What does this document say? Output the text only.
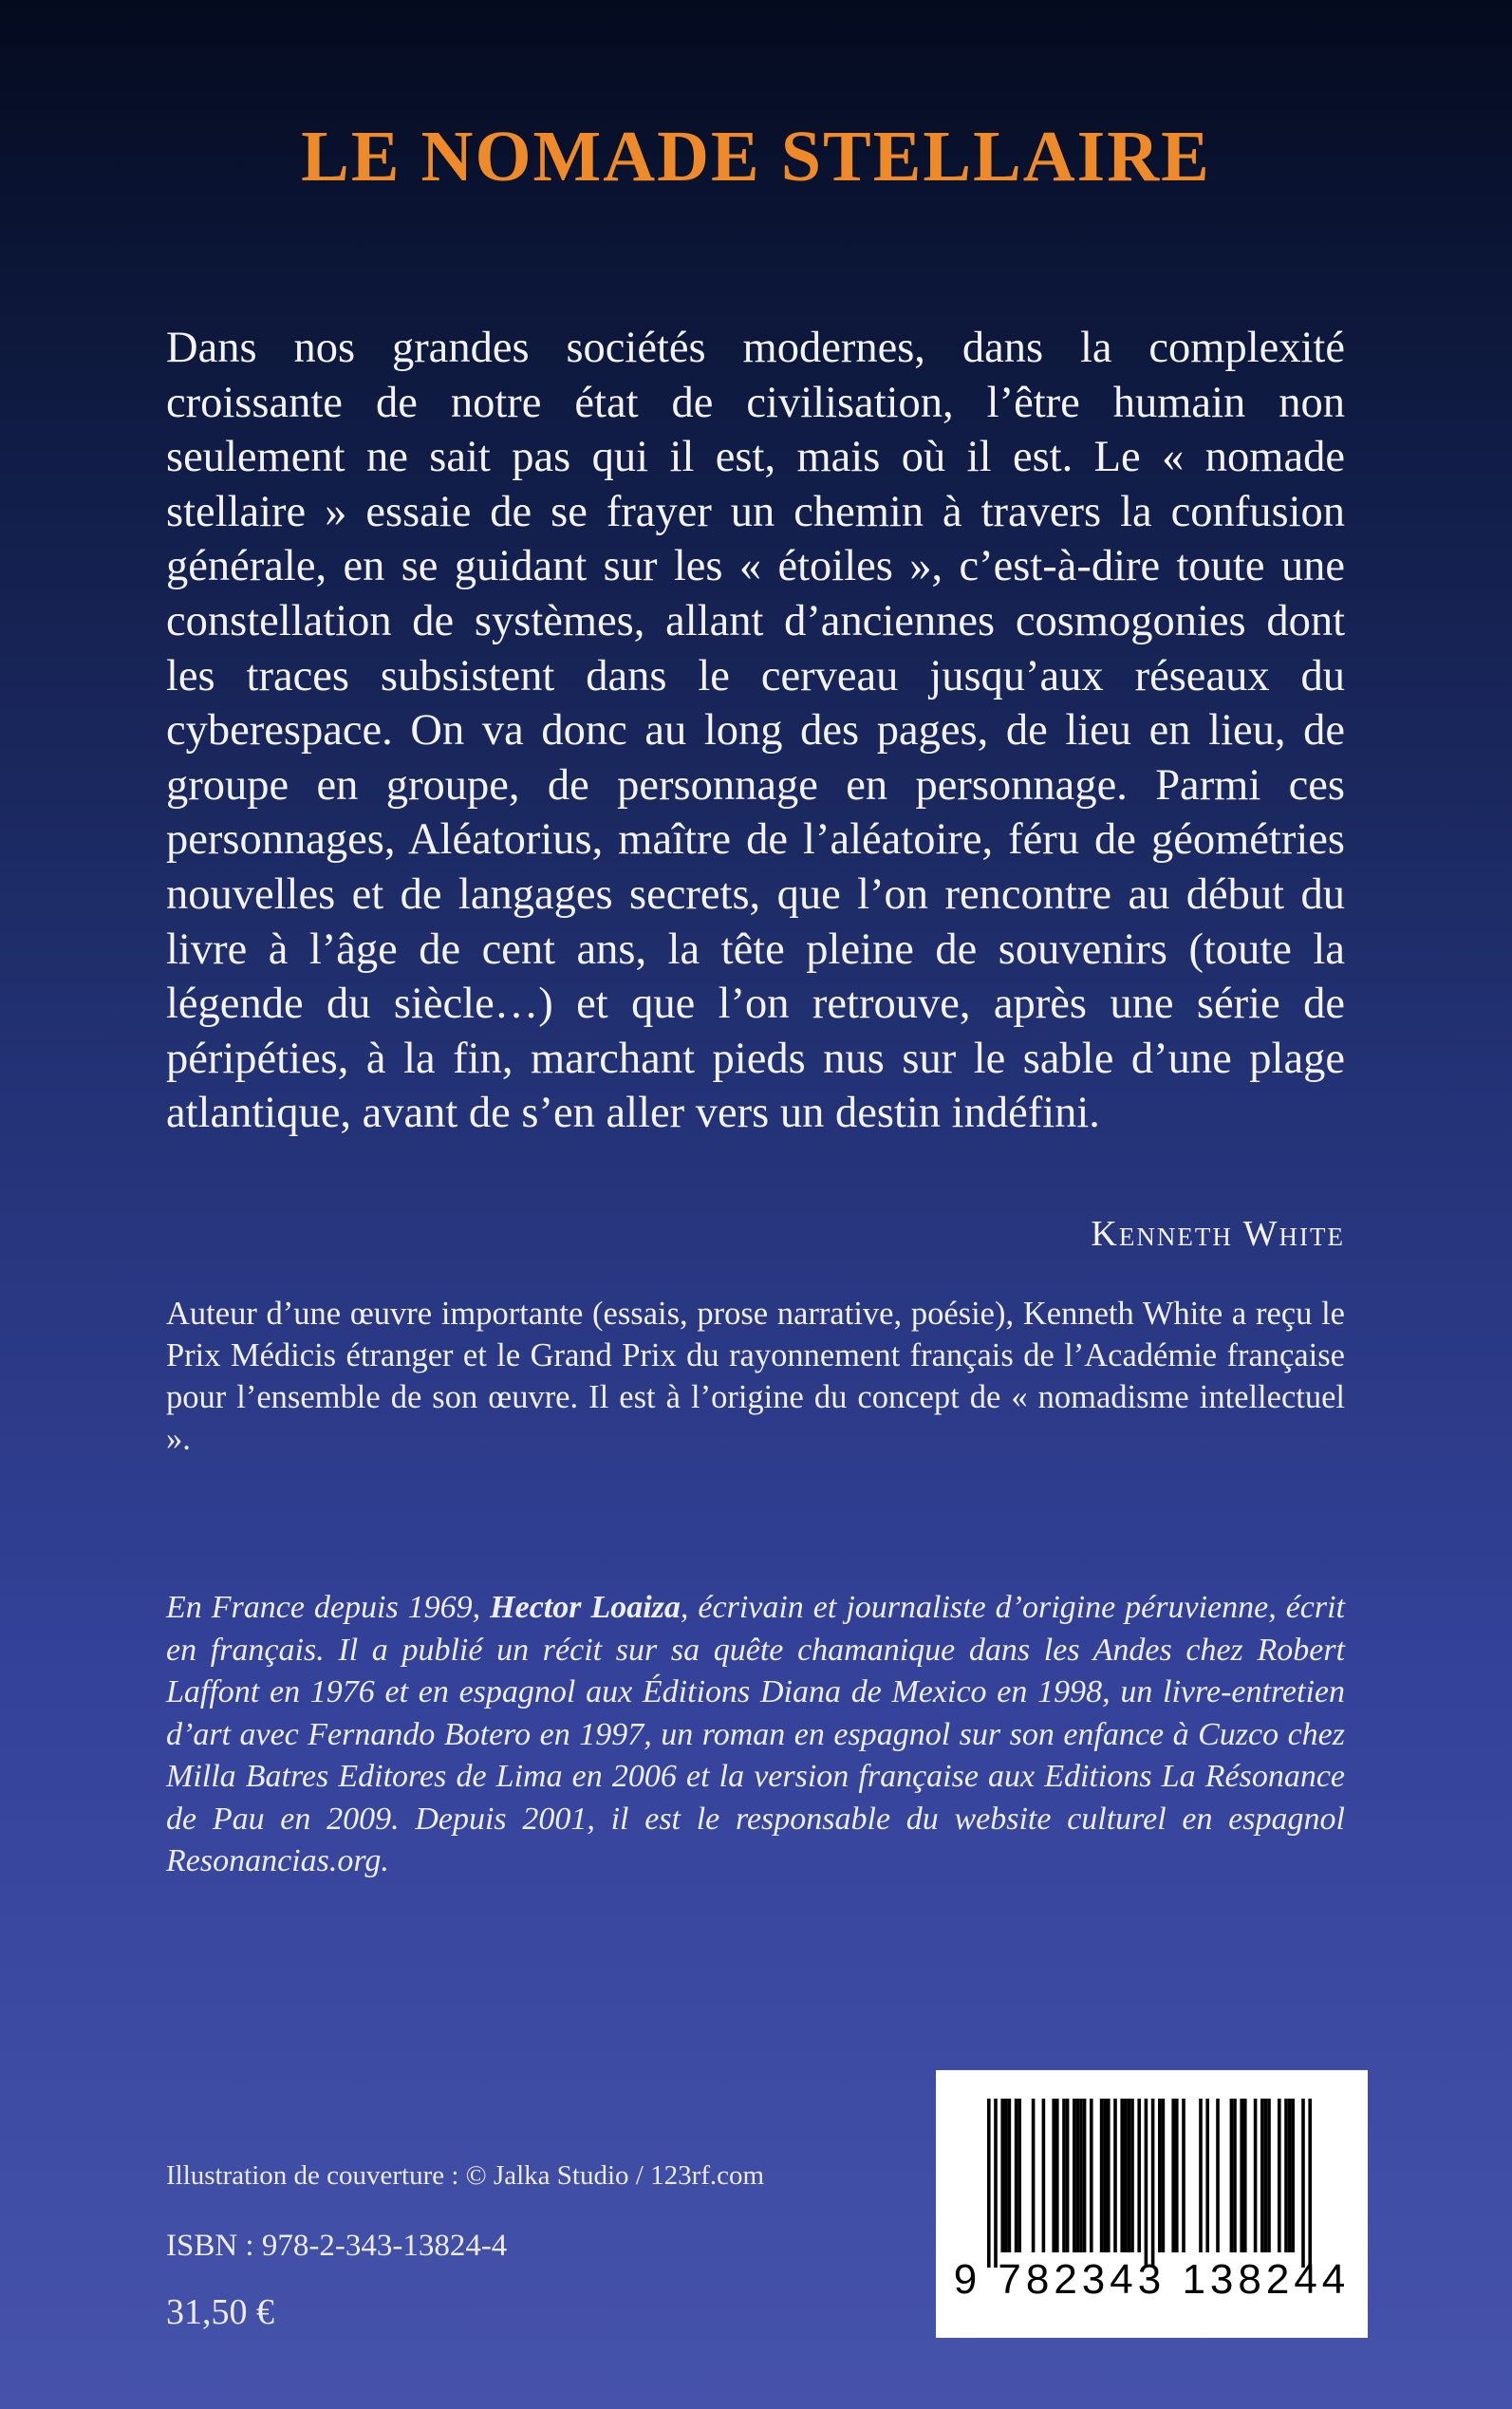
LE NOMADE STELLAIRE

Dans nos grandes sociétés modernes, dans la complexité croissante de notre état de civilisation, l’être humain non seulement ne sait pas qui il est, mais où il est. Le « nomade stellaire » essaie de se frayer un chemin à travers la confusion générale, en se guidant sur les « étoiles », c’est-à-dire toute une constellation de systèmes, allant d’anciennes cosmogonies dont les traces subsistent dans le cerveau jusqu’aux réseaux du cyberespace. On va donc au long des pages, de lieu en lieu, de groupe en groupe, de personnage en personnage. Parmi ces personnages, Aléatorius, maître de l’aléatoire, féru de géométries nouvelles et de langages secrets, que l’on rencontre au début du livre à l’âge de cent ans, la tête pleine de souvenirs (toute la légende du siècle…) et que l’on retrouve, après une série de péripéties, à la fin, marchant pieds nus sur le sable d’une plage atlantique, avant de s’en aller vers un destin indéfini.

Kenneth White

Auteur d’une œuvre importante (essais, prose narrative, poésie), Kenneth White a reçu le Prix Médicis étranger et le Grand Prix du rayonnement français de l’Académie française pour l’ensemble de son œuvre. Il est à l’origine du concept de « nomadisme intellectuel ».

En France depuis 1969, Hector Loaiza, écrivain et journaliste d’origine péruvienne, écrit en français. Il a publié un récit sur sa quête chamanique dans les Andes chez Robert Laffont en 1976 et en espagnol aux Éditions Diana de Mexico en 1998, un livre-entretien d’art avec Fernando Botero en 1997, un roman en espagnol sur son enfance à Cuzco chez Milla Batres Editores de Lima en 2006 et la version française aux Editions La Résonance de Pau en 2009. Depuis 2001, il est le responsable du website culturel en espagnol Resonancias.org.

Illustration de couverture : © Jalka Studio / 123rf.com
ISBN : 978-2-343-13824-4
31,50 €
9 782343 138244
